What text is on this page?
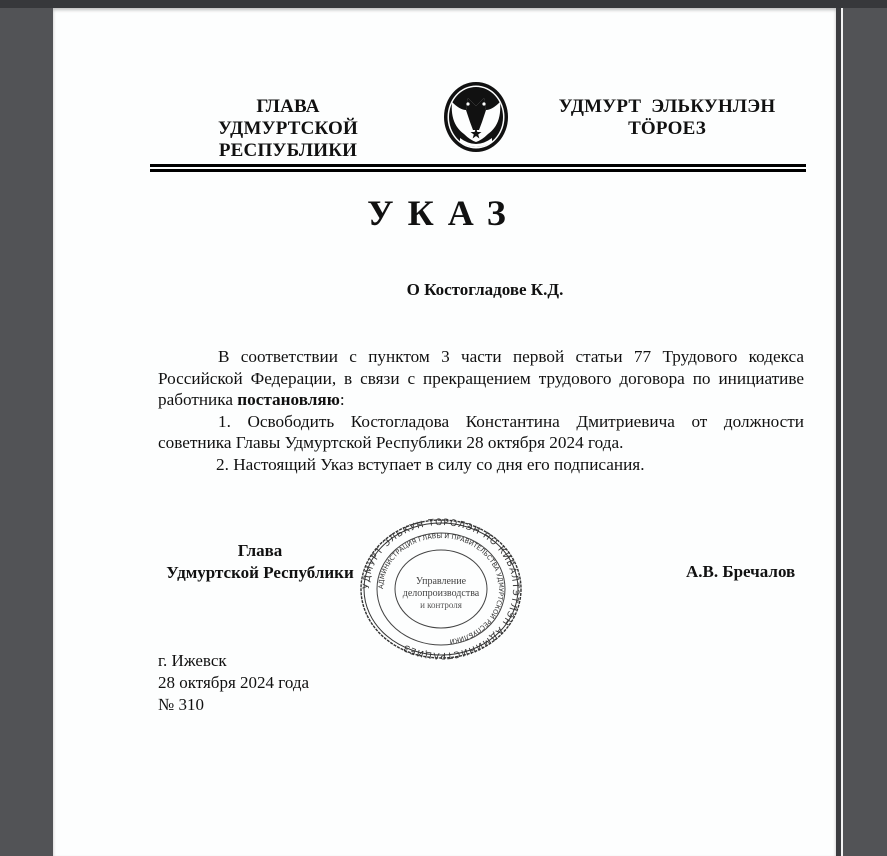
ГЛАВА
УДМУРТСКОЙ РЕСПУБЛИКИ
УДМУРТ  ЭЛЬКУНЛЭН
ТӦРОЕЗ
УКАЗ
О Костогладове К.Д.

В соответствии с пунктом 3 части первой статьи 77 Трудового кодекса Российской Федерации, в связи с прекращением трудового договора по инициативе работника постановляю:

1. Освободить Костогладова Константина Дмитриевича от должности советника Главы Удмуртской Республики 28 октября 2024 года.

2. Настоящий Указ вступает в силу со дня его подписания.

Глава
Удмуртской Республики
УДМУРТ ЭЛЬКУН ТӦРОЛЭН НО КИВАЛТЭТЛЭН АДМИНИСТРАЦИЕЗ
АДМИНИСТРАЦИЯ ГЛАВЫ И ПРАВИТЕЛЬСТВА УДМУРТСКОЙ РЕСПУБЛИКИ
Управление
делопроизводства
и контроля
А.В. Бречалов
г. Ижевск
28 октября 2024 года
№ 310
